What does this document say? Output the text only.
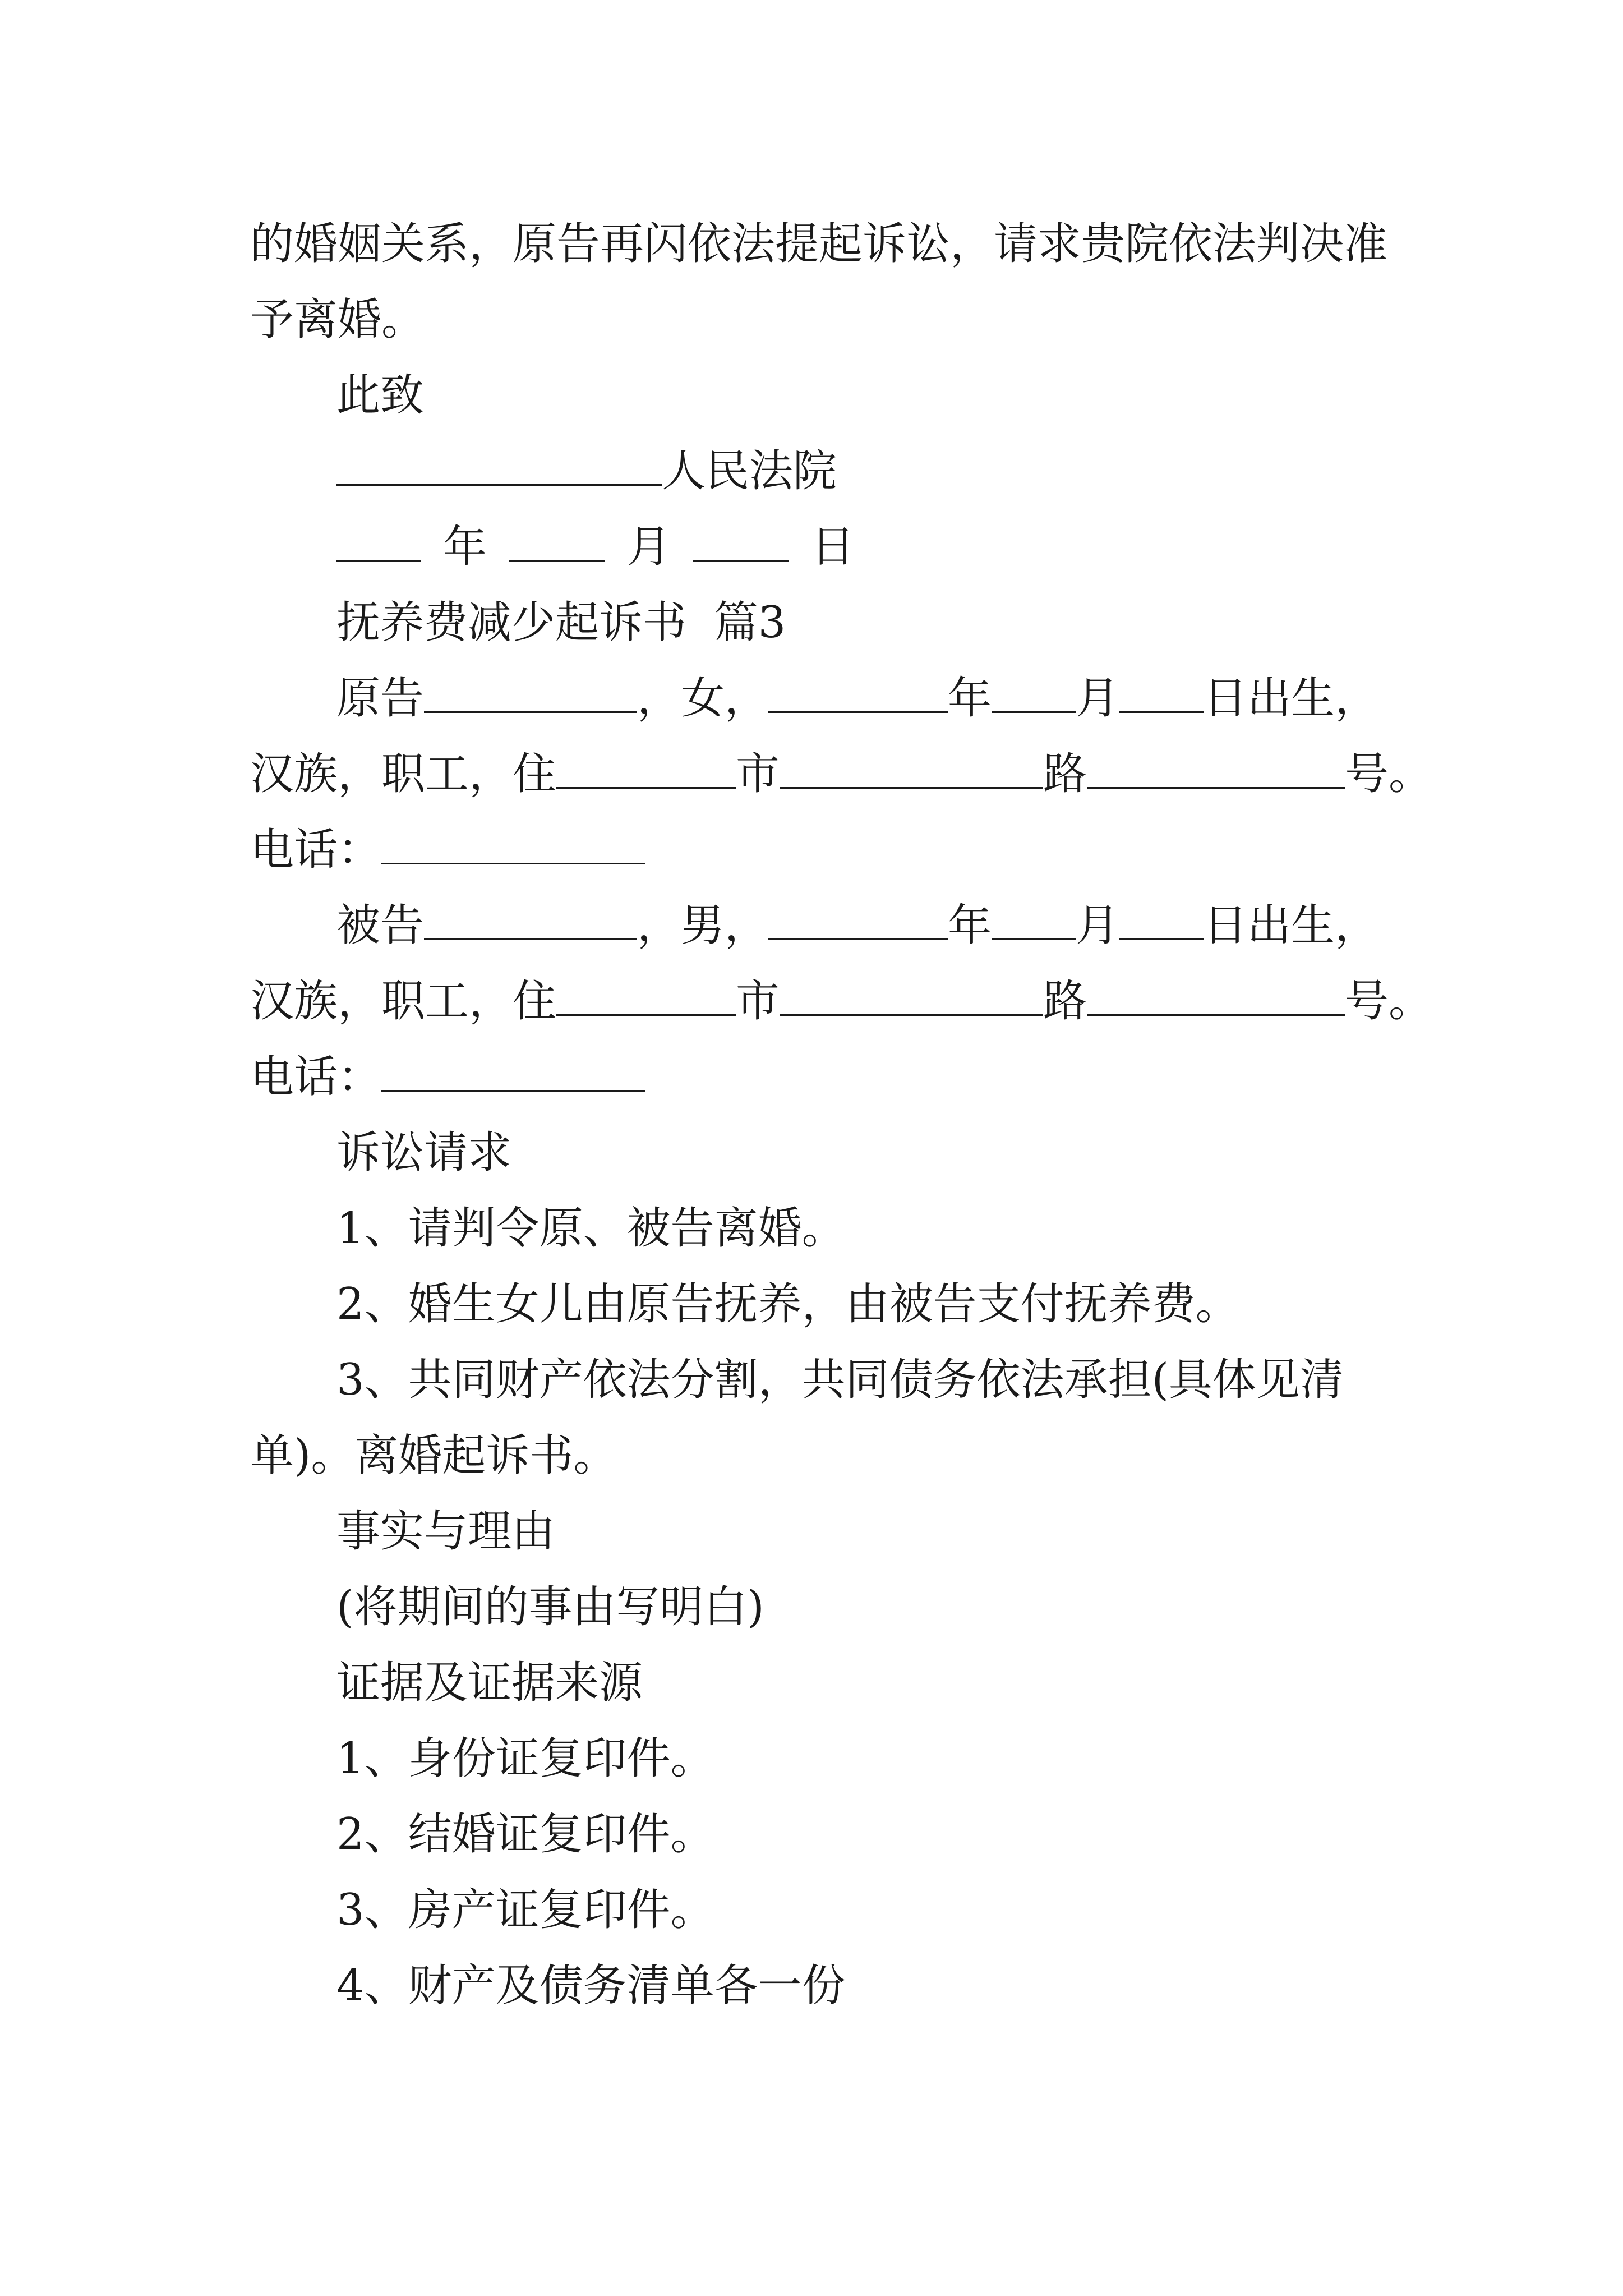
的婚姻关系，原告再闪依法提起诉讼，请求贵院依法判决准
予离婚。
此致
人民法院
年	月	日
抚养费减少起诉书  篇3
原告	，女，	年 月 日出生，
汉族，职工，住	市	路	号。
电话：
被告	，男，	年 月 日出生，
汉族，职工，住	市	路	号。
电话：
诉讼请求
1、请判令原、被告离婚。
2、婚生女儿由原告抚养，由被告支付抚养费。
3、共同财产依法分割，共同债务依法承担(具体见清
单)。离婚起诉书。
事实与理由
(将期间的事由写明白)
证据及证据来源
1、身份证复印件。
2、结婚证复印件。
3、房产证复印件。
4、财产及债务清单各一份
